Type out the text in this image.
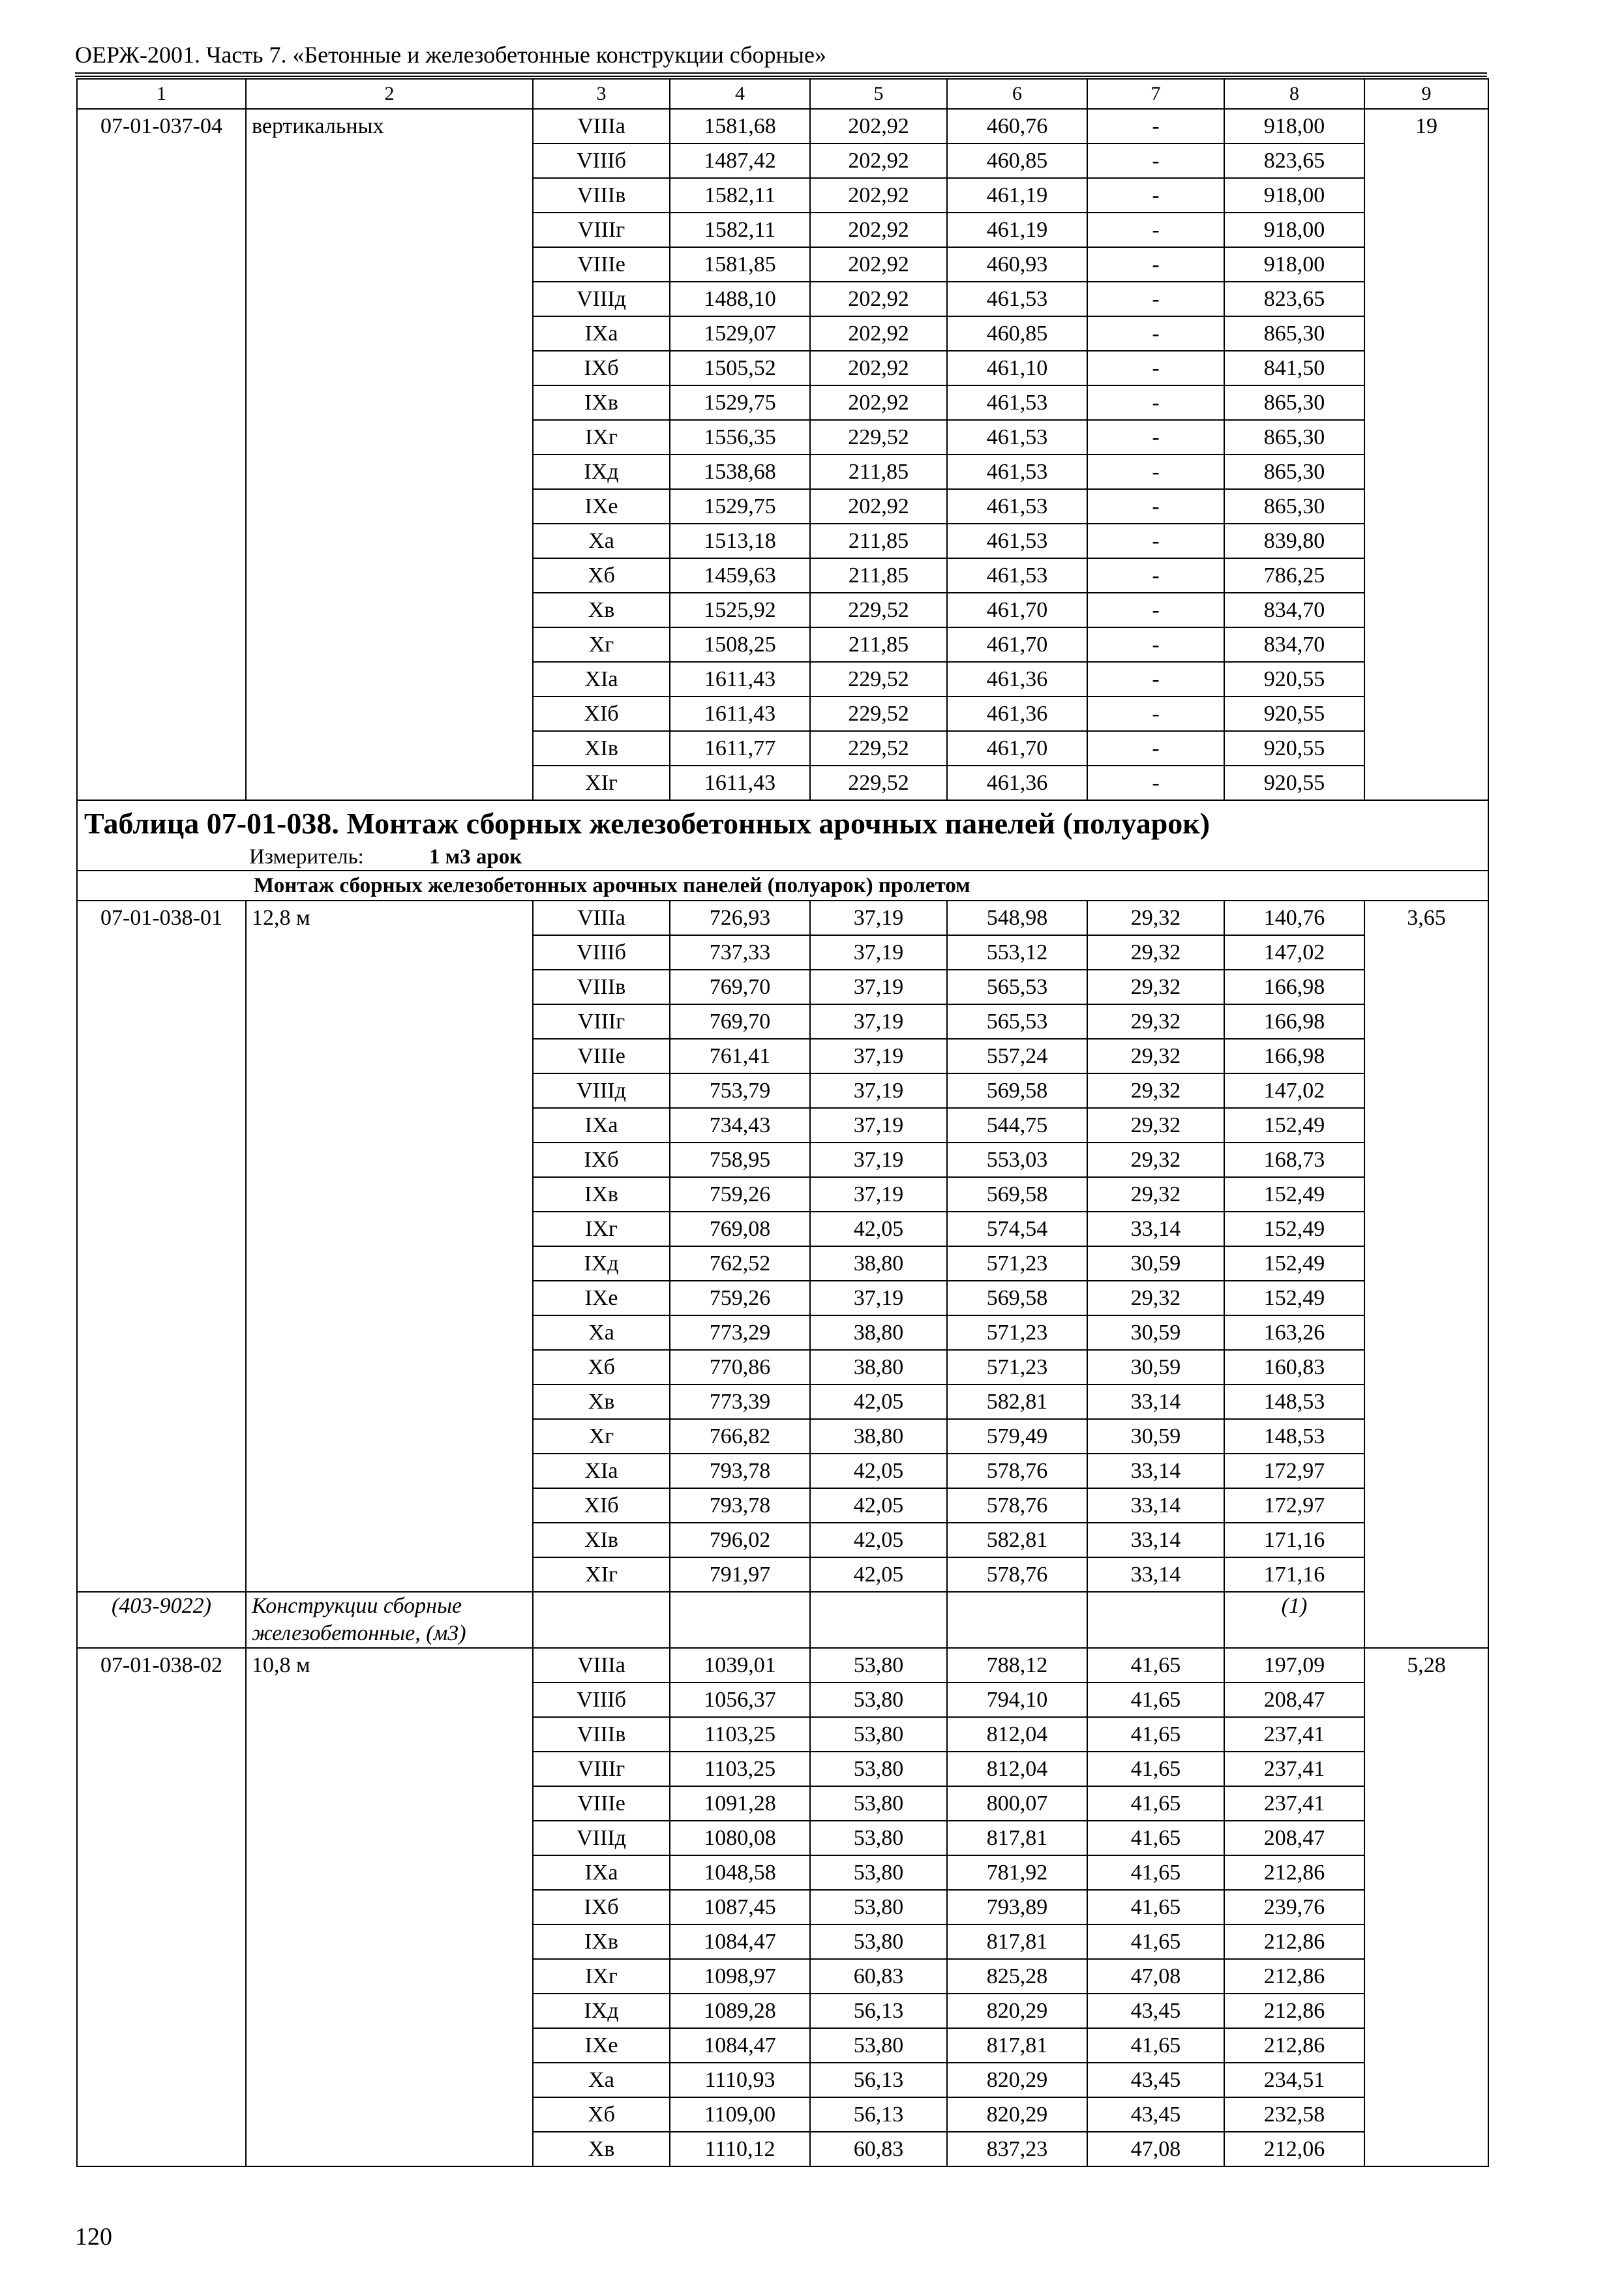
ОЕРЖ-2001. Часть 7. «Бетонные и железобетонные конструкции сборные»
1	2	3	4	5	6	7	8	9
07-01-037-04	вертикальных	VIIIa	1581,68	202,92	460,76	-	918,00	19
		VIIIб	1487,42	202,92	460,85	-	823,65	
		VIIIв	1582,11	202,92	461,19	-	918,00	
		VIIIг	1582,11	202,92	461,19	-	918,00	
		VIIIе	1581,85	202,92	460,93	-	918,00	
		VIIIд	1488,10	202,92	461,53	-	823,65	
		IXa	1529,07	202,92	460,85	-	865,30	
		IXб	1505,52	202,92	461,10	-	841,50	
		IXв	1529,75	202,92	461,53	-	865,30	
		IXг	1556,35	229,52	461,53	-	865,30	
		IXд	1538,68	211,85	461,53	-	865,30	
		IXе	1529,75	202,92	461,53	-	865,30	
		Xa	1513,18	211,85	461,53	-	839,80	
		Xб	1459,63	211,85	461,53	-	786,25	
		Xв	1525,92	229,52	461,70	-	834,70	
		Xг	1508,25	211,85	461,70	-	834,70	
		XIa	1611,43	229,52	461,36	-	920,55	
		XIб	1611,43	229,52	461,36	-	920,55	
		XIв	1611,77	229,52	461,70	-	920,55	
		XIг	1611,43	229,52	461,36	-	920,55	
Таблица 07-01-038. Монтаж сборных железобетонных арочных панелей (полуарок)								
Измеритель: 1 м3 арок								
Монтаж сборных железобетонных арочных панелей (полуарок) пролетом								
07-01-038-01	12,8 м	VIIIa	726,93	37,19	548,98	29,32	140,76	3,65
		VIIIб	737,33	37,19	553,12	29,32	147,02	
		VIIIв	769,70	37,19	565,53	29,32	166,98	
		VIIIг	769,70	37,19	565,53	29,32	166,98	
		VIIIе	761,41	37,19	557,24	29,32	166,98	
		VIIIд	753,79	37,19	569,58	29,32	147,02	
		IXa	734,43	37,19	544,75	29,32	152,49	
		IXб	758,95	37,19	553,03	29,32	168,73	
		IXв	759,26	37,19	569,58	29,32	152,49	
		IXг	769,08	42,05	574,54	33,14	152,49	
		IXд	762,52	38,80	571,23	30,59	152,49	
		IXе	759,26	37,19	569,58	29,32	152,49	
		Xa	773,29	38,80	571,23	30,59	163,26	
		Xб	770,86	38,80	571,23	30,59	160,83	
		Xв	773,39	42,05	582,81	33,14	148,53	
		Xг	766,82	38,80	579,49	30,59	148,53	
		XIa	793,78	42,05	578,76	33,14	172,97	
		XIб	793,78	42,05	578,76	33,14	172,97	
		XIв	796,02	42,05	582,81	33,14	171,16	
		XIг	791,97	42,05	578,76	33,14	171,16	
(403-9022)	Конструкции сборные железобетонные, (м3)						(1)	
07-01-038-02	10,8 м	VIIIa	1039,01	53,80	788,12	41,65	197,09	5,28
		VIIIб	1056,37	53,80	794,10	41,65	208,47	
		VIIIв	1103,25	53,80	812,04	41,65	237,41	
		VIIIг	1103,25	53,80	812,04	41,65	237,41	
		VIIIе	1091,28	53,80	800,07	41,65	237,41	
		VIIIд	1080,08	53,80	817,81	41,65	208,47	
		IXa	1048,58	53,80	781,92	41,65	212,86	
		IXб	1087,45	53,80	793,89	41,65	239,76	
		IXв	1084,47	53,80	817,81	41,65	212,86	
		IXг	1098,97	60,83	825,28	47,08	212,86	
		IXд	1089,28	56,13	820,29	43,45	212,86	
		IXе	1084,47	53,80	817,81	41,65	212,86	
		Xa	1110,93	56,13	820,29	43,45	234,51	
		Xб	1109,00	56,13	820,29	43,45	232,58	
		Xв	1110,12	60,83	837,23	47,08	212,06	
120
